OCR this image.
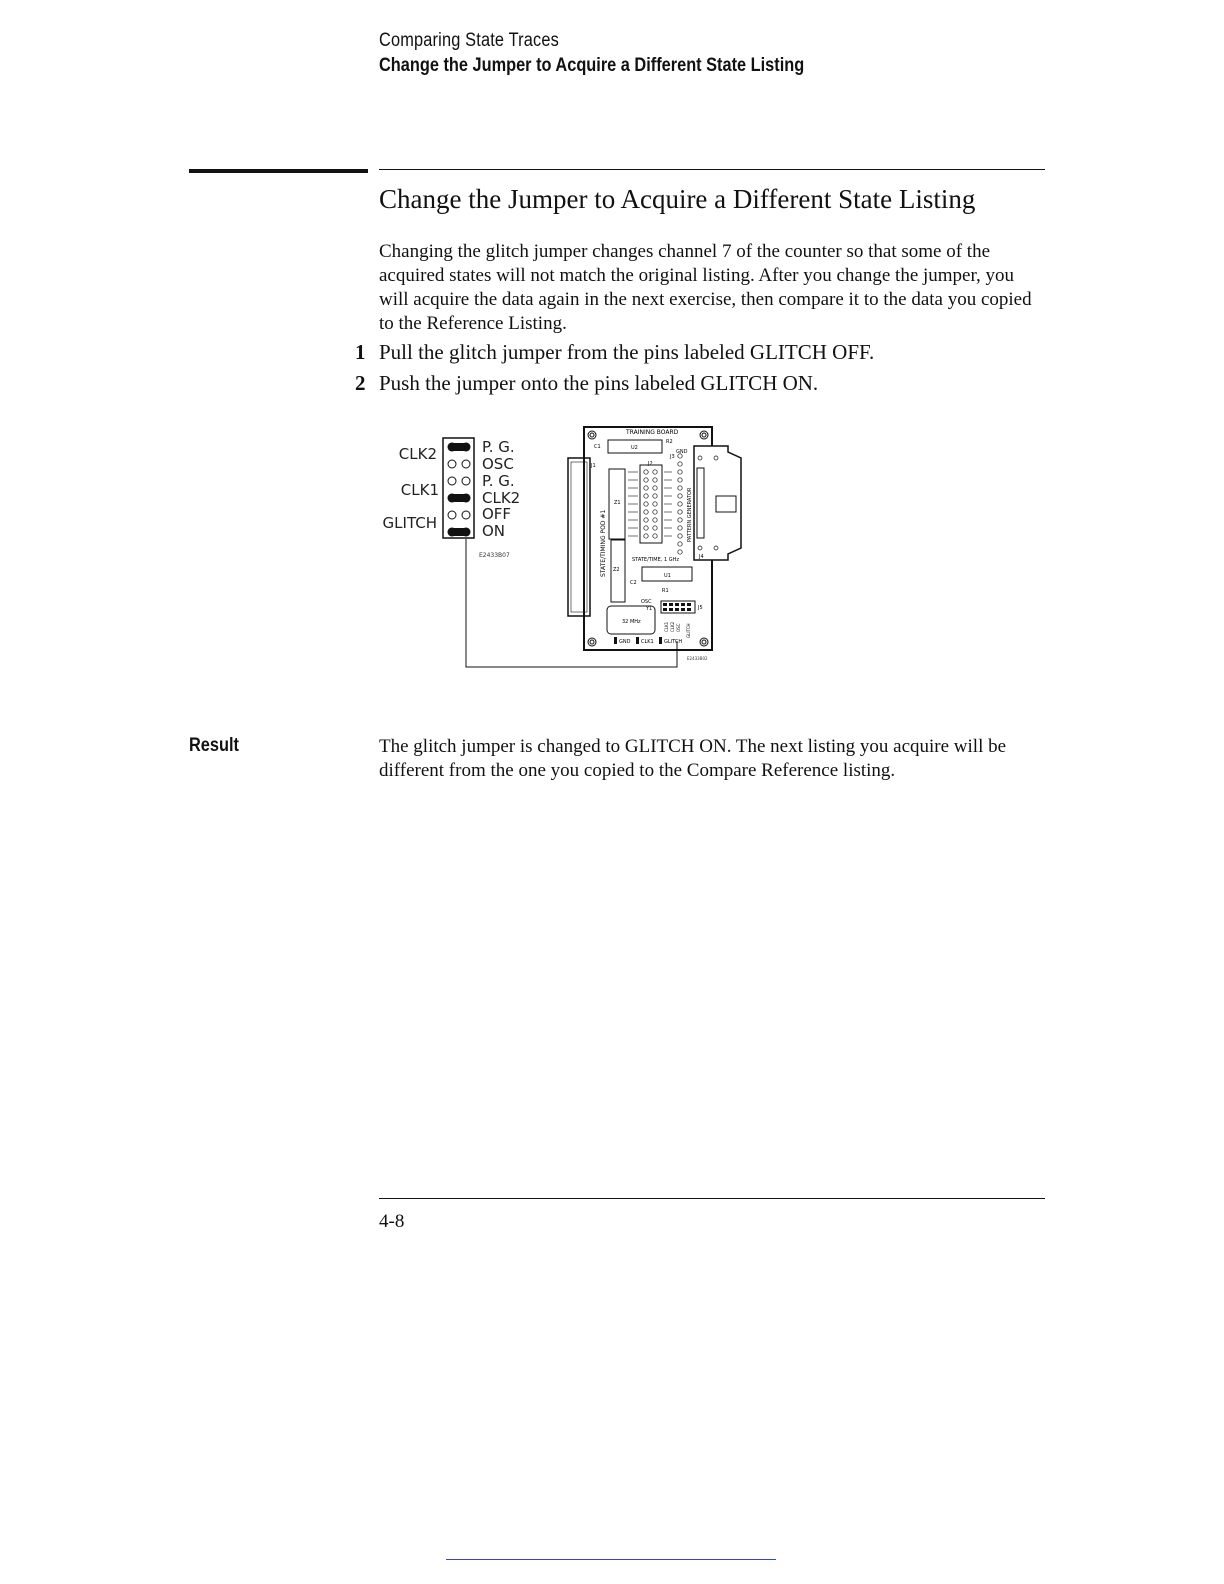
Comparing State Traces
Change the Jumper to Acquire a Different State Listing
Change the Jumper to Acquire a Different State Listing

Changing the glitch jumper changes channel 7 of the counter so that some of the acquired states will not match the original listing. After you change the jumper, you will acquire the data again in the next exercise, then compare it to the data you copied to the Reference Listing.

1 Pull the glitch jumper from the pins labeled GLITCH OFF.
2 Push the jumper onto the pins labeled GLITCH ON.
CLK2
CLK1
GLITCH
P. G.
OSC
P. G.
CLK2
OFF
ON
E2433B07
TRAINING BOARD
U2
C1
R2
GND
J3
J1	J2
Z1
STATE/TIMING POD #1	PATTERN GENERATOR
J4
Z2
STATE/TIME, 1 GHz
U1
C2
R1
OSC
Y1
32 MHz
J5
CLK1 CLK2 OSC GLITCH
GND CLK1 GLITCH
E2433B02
Result	The glitch jumper is changed to GLITCH ON. The next listing you acquire will be different from the one you copied to the Compare Reference listing.

4-8
